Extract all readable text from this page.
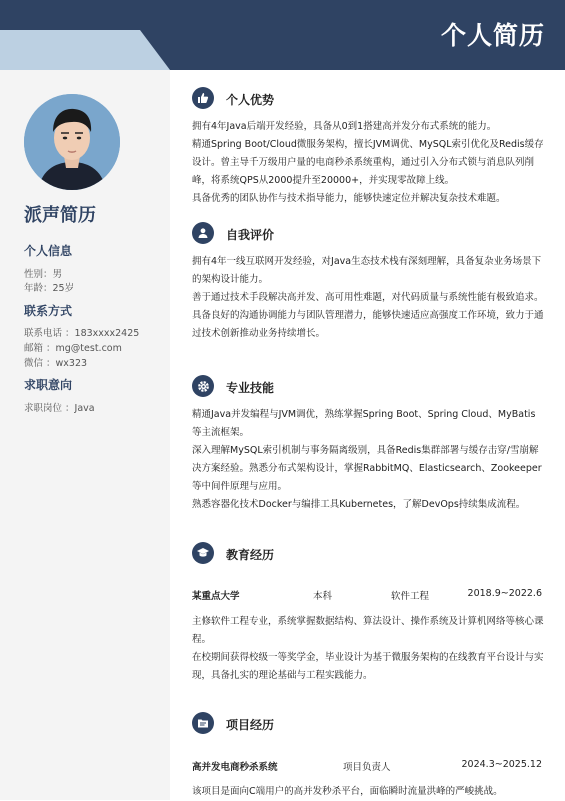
个人简历
派声简历
个人信息
性别：男
年龄：25岁
联系方式
联系电话 ：183xxxx2425
邮箱 ：mg@test.com
微信 ：wx323
求职意向
求职岗位 ：Java
个人优势

拥有4年Java后端开发经验，具备从0到1搭建高并发分布式系统的能力。

精通Spring Boot/Cloud微服务架构，擅长JVM调优、MySQL索引优化及Redis缓存设计。曾主导千万级用户量的电商秒杀系统重构，通过引入分布式锁与消息队列削峰，将系统QPS从2000提升至20000+，并实现零故障上线。

具备优秀的团队协作与技术指导能力，能够快速定位并解决复杂技术难题。

自我评价

拥有4年一线互联网开发经验，对Java生态技术栈有深刻理解，具备复杂业务场景下的架构设计能力。

善于通过技术手段解决高并发、高可用性难题，对代码质量与系统性能有极致追求。

具备良好的沟通协调能力与团队管理潜力，能够快速适应高强度工作环境，致力于通过技术创新推动业务持续增长。

专业技能

精通Java并发编程与JVM调优，熟练掌握Spring Boot、Spring Cloud、MyBatis等主流框架。

深入理解MySQL索引机制与事务隔离级别，具备Redis集群部署与缓存击穿/雪崩解决方案经验。熟悉分布式架构设计，掌握RabbitMQ、Elasticsearch、Zookeeper等中间件原理与应用。

熟悉容器化技术Docker与编排工具Kubernetes，了解DevOps持续集成流程。

教育经历
某重点大学	本科	软件工程	2018.9~2022.6

主修软件工程专业，系统掌握数据结构、算法设计、操作系统及计算机网络等核心课程。

在校期间获得校级一等奖学金，毕业设计为基于微服务架构的在线教育平台设计与实现，具备扎实的理论基础与工程实践能力。

项目经历
高并发电商秒杀系统	项目负责人	2024.3~2025.12

该项目是面向C端用户的高并发秒杀平台，面临瞬时流量洪峰的严峻挑战。
